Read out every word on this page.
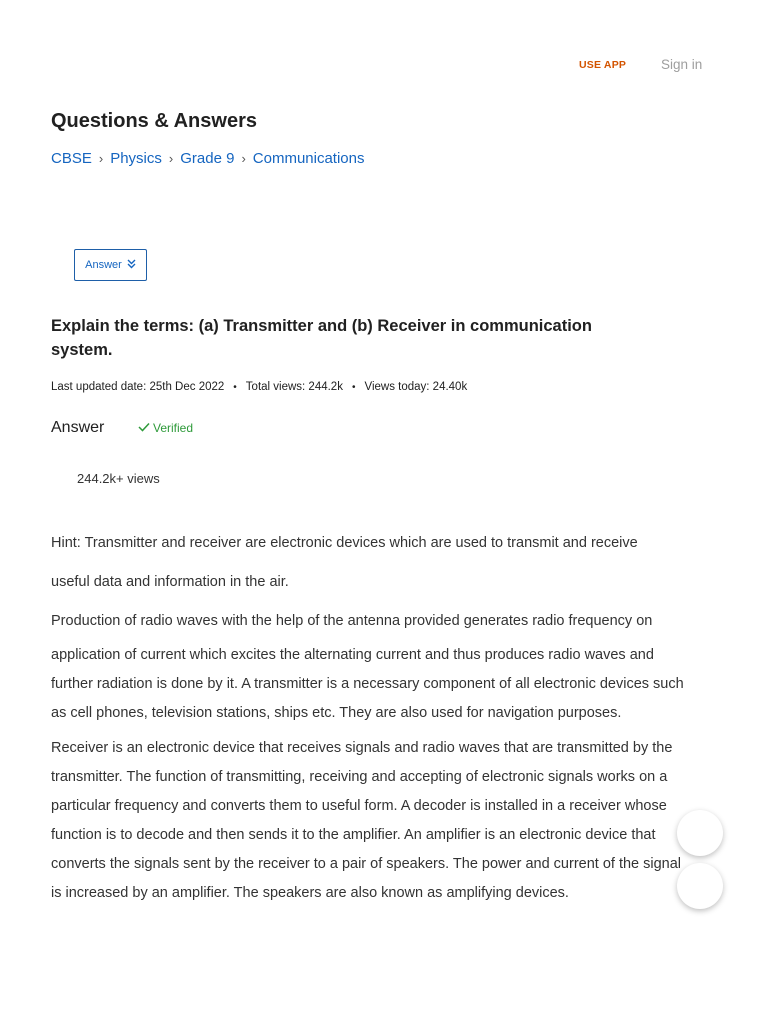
USE APP	Sign in
Questions & Answers
CBSE › Physics › Grade 9 › Communications
Answer
Explain the terms: (a) Transmitter and (b) Receiver in communication system.
Last updated date: 25th Dec 2022 • Total views: 244.2k • Views today: 24.40k
Answer	Verified
244.2k+ views

Hint: Transmitter and receiver are electronic devices which are used to transmit and receive
useful data and information in the air.

Production of radio waves with the help of the antenna provided generates radio frequency on
application of current which excites the alternating current and thus produces radio waves and further radiation is done by it. A transmitter is a necessary component of all electronic devices such as cell phones, television stations, ships etc. They are also used for navigation purposes.

Receiver is an electronic device that receives signals and radio waves that are transmitted by the transmitter. The function of transmitting, receiving and accepting of electronic signals works on a particular frequency and converts them to useful form. A decoder is installed in a receiver whose function is to decode and then sends it to the amplifier. An amplifier is an electronic device that converts the signals sent by the receiver to a pair of speakers. The power and current of the signal is increased by an amplifier. The speakers are also known as amplifying devices.
